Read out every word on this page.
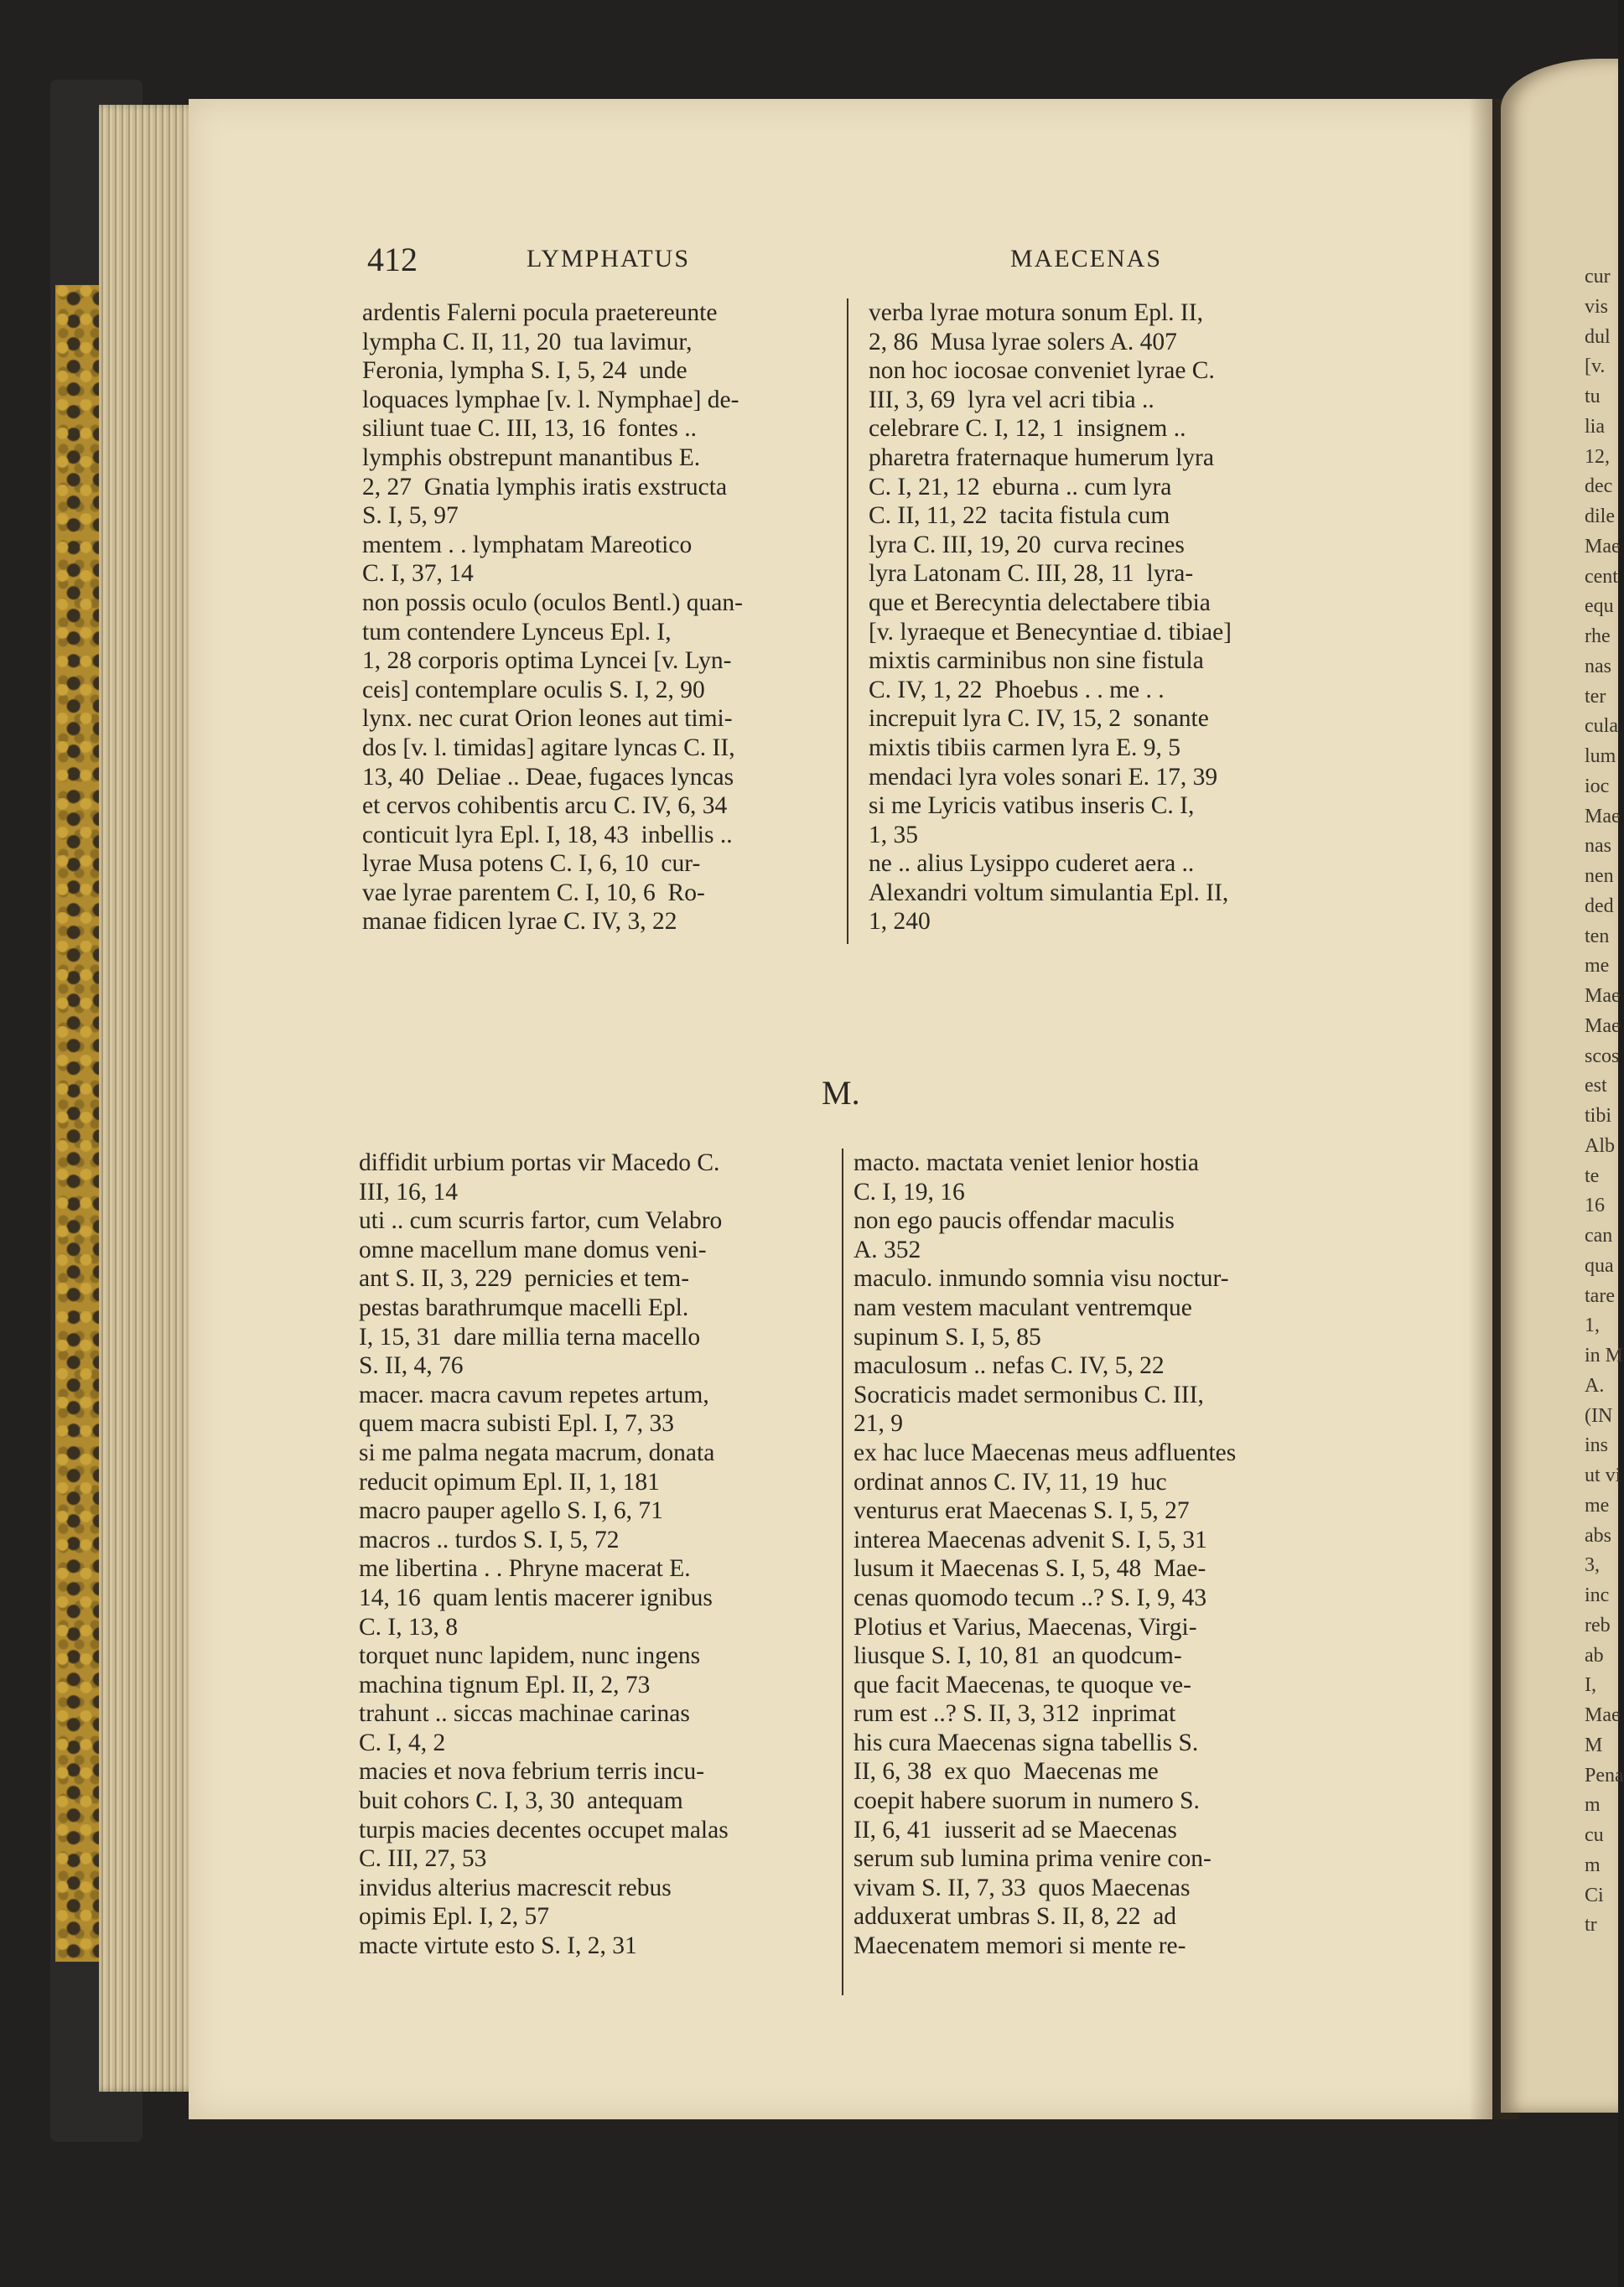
cur
vis
dul
[v.
tu
lia
12,
dec
dile
Mae
cent
equ
rhe
nas
ter
cula
lum
ioc
Mae
nas
nen
ded
ten
me
Mae
Mae
scos
est
tibi
Alb
te
16
can
qua
tare
1,
in M
A.
(IN
ins
ut vi
me
abs
3,
inc
reb
ab
I,
Mae
M
Pena
m
cu
m
Ci
tr
412	LYMPHATUS	MAECENAS
ardentis Falerni pocula praetereunte
lympha C. II, 11, 20  tua lavimur,
Feronia, lympha S. I, 5, 24  unde
loquaces lymphae [v. l. Nymphae] de-
siliunt tuae C. III, 13, 16  fontes ..
lymphis obstrepunt manantibus E.
2, 27  Gnatia lymphis iratis exstructa
S. I, 5, 97
mentem . . lymphatam Mareotico
C. I, 37, 14
non possis oculo (oculos Bentl.) quan-
tum contendere Lynceus Epl. I,
1, 28 corporis optima Lyncei [v. Lyn-
ceis] contemplare oculis S. I, 2, 90
lynx. nec curat Orion leones aut timi-
dos [v. l. timidas] agitare lyncas C. II,
13, 40  Deliae .. Deae, fugaces lyncas
et cervos cohibentis arcu C. IV, 6, 34
conticuit lyra Epl. I, 18, 43  inbellis ..
lyrae Musa potens C. I, 6, 10  cur-
vae lyrae parentem C. I, 10, 6  Ro-
manae fidicen lyrae C. IV, 3, 22
verba lyrae motura sonum Epl. II,
2, 86  Musa lyrae solers A. 407
non hoc iocosae conveniet lyrae C.
III, 3, 69  lyra vel acri tibia ..
celebrare C. I, 12, 1  insignem ..
pharetra fraternaque humerum lyra
C. I, 21, 12  eburna .. cum lyra
C. II, 11, 22  tacita fistula cum
lyra C. III, 19, 20  curva recines
lyra Latonam C. III, 28, 11  lyra-
que et Berecyntia delectabere tibia
[v. lyraeque et Benecyntiae d. tibiae]
mixtis carminibus non sine fistula
C. IV, 1, 22  Phoebus . . me . .
increpuit lyra C. IV, 15, 2  sonante
mixtis tibiis carmen lyra E. 9, 5
mendaci lyra voles sonari E. 17, 39
si me Lyricis vatibus inseris C. I,
1, 35
ne .. alius Lysippo cuderet aera ..
Alexandri voltum simulantia Epl. II,
1, 240
M.
diffidit urbium portas vir Macedo C.
III, 16, 14
uti .. cum scurris fartor, cum Velabro
omne macellum mane domus veni-
ant S. II, 3, 229  pernicies et tem-
pestas barathrumque macelli Epl.
I, 15, 31  dare millia terna macello
S. II, 4, 76
macer. macra cavum repetes artum,
quem macra subisti Epl. I, 7, 33
si me palma negata macrum, donata
reducit opimum Epl. II, 1, 181
macro pauper agello S. I, 6, 71
macros .. turdos S. I, 5, 72
me libertina . . Phryne macerat E.
14, 16  quam lentis macerer ignibus
C. I, 13, 8
torquet nunc lapidem, nunc ingens
machina tignum Epl. II, 2, 73
trahunt .. siccas machinae carinas
C. I, 4, 2
macies et nova febrium terris incu-
buit cohors C. I, 3, 30  antequam
turpis macies decentes occupet malas
C. III, 27, 53
invidus alterius macrescit rebus
opimis Epl. I, 2, 57
macte virtute esto S. I, 2, 31
macto. mactata veniet lenior hostia
C. I, 19, 16
non ego paucis offendar maculis
A. 352
maculo. inmundo somnia visu noctur-
nam vestem maculant ventremque
supinum S. I, 5, 85
maculosum .. nefas C. IV, 5, 22
Socraticis madet sermonibus C. III,
21, 9
ex hac luce Maecenas meus adfluentes
ordinat annos C. IV, 11, 19  huc
venturus erat Maecenas S. I, 5, 27
interea Maecenas advenit S. I, 5, 31
lusum it Maecenas S. I, 5, 48  Mae-
cenas quomodo tecum ..? S. I, 9, 43
Plotius et Varius, Maecenas, Virgi-
liusque S. I, 10, 81  an quodcum-
que facit Maecenas, te quoque ve-
rum est ..? S. II, 3, 312  inprimat
his cura Maecenas signa tabellis S.
II, 6, 38  ex quo  Maecenas me
coepit habere suorum in numero S.
II, 6, 41  iusserit ad se Maecenas
serum sub lumina prima venire con-
vivam S. II, 7, 33  quos Maecenas
adduxerat umbras S. II, 8, 22  ad
Maecenatem memori si mente re-
